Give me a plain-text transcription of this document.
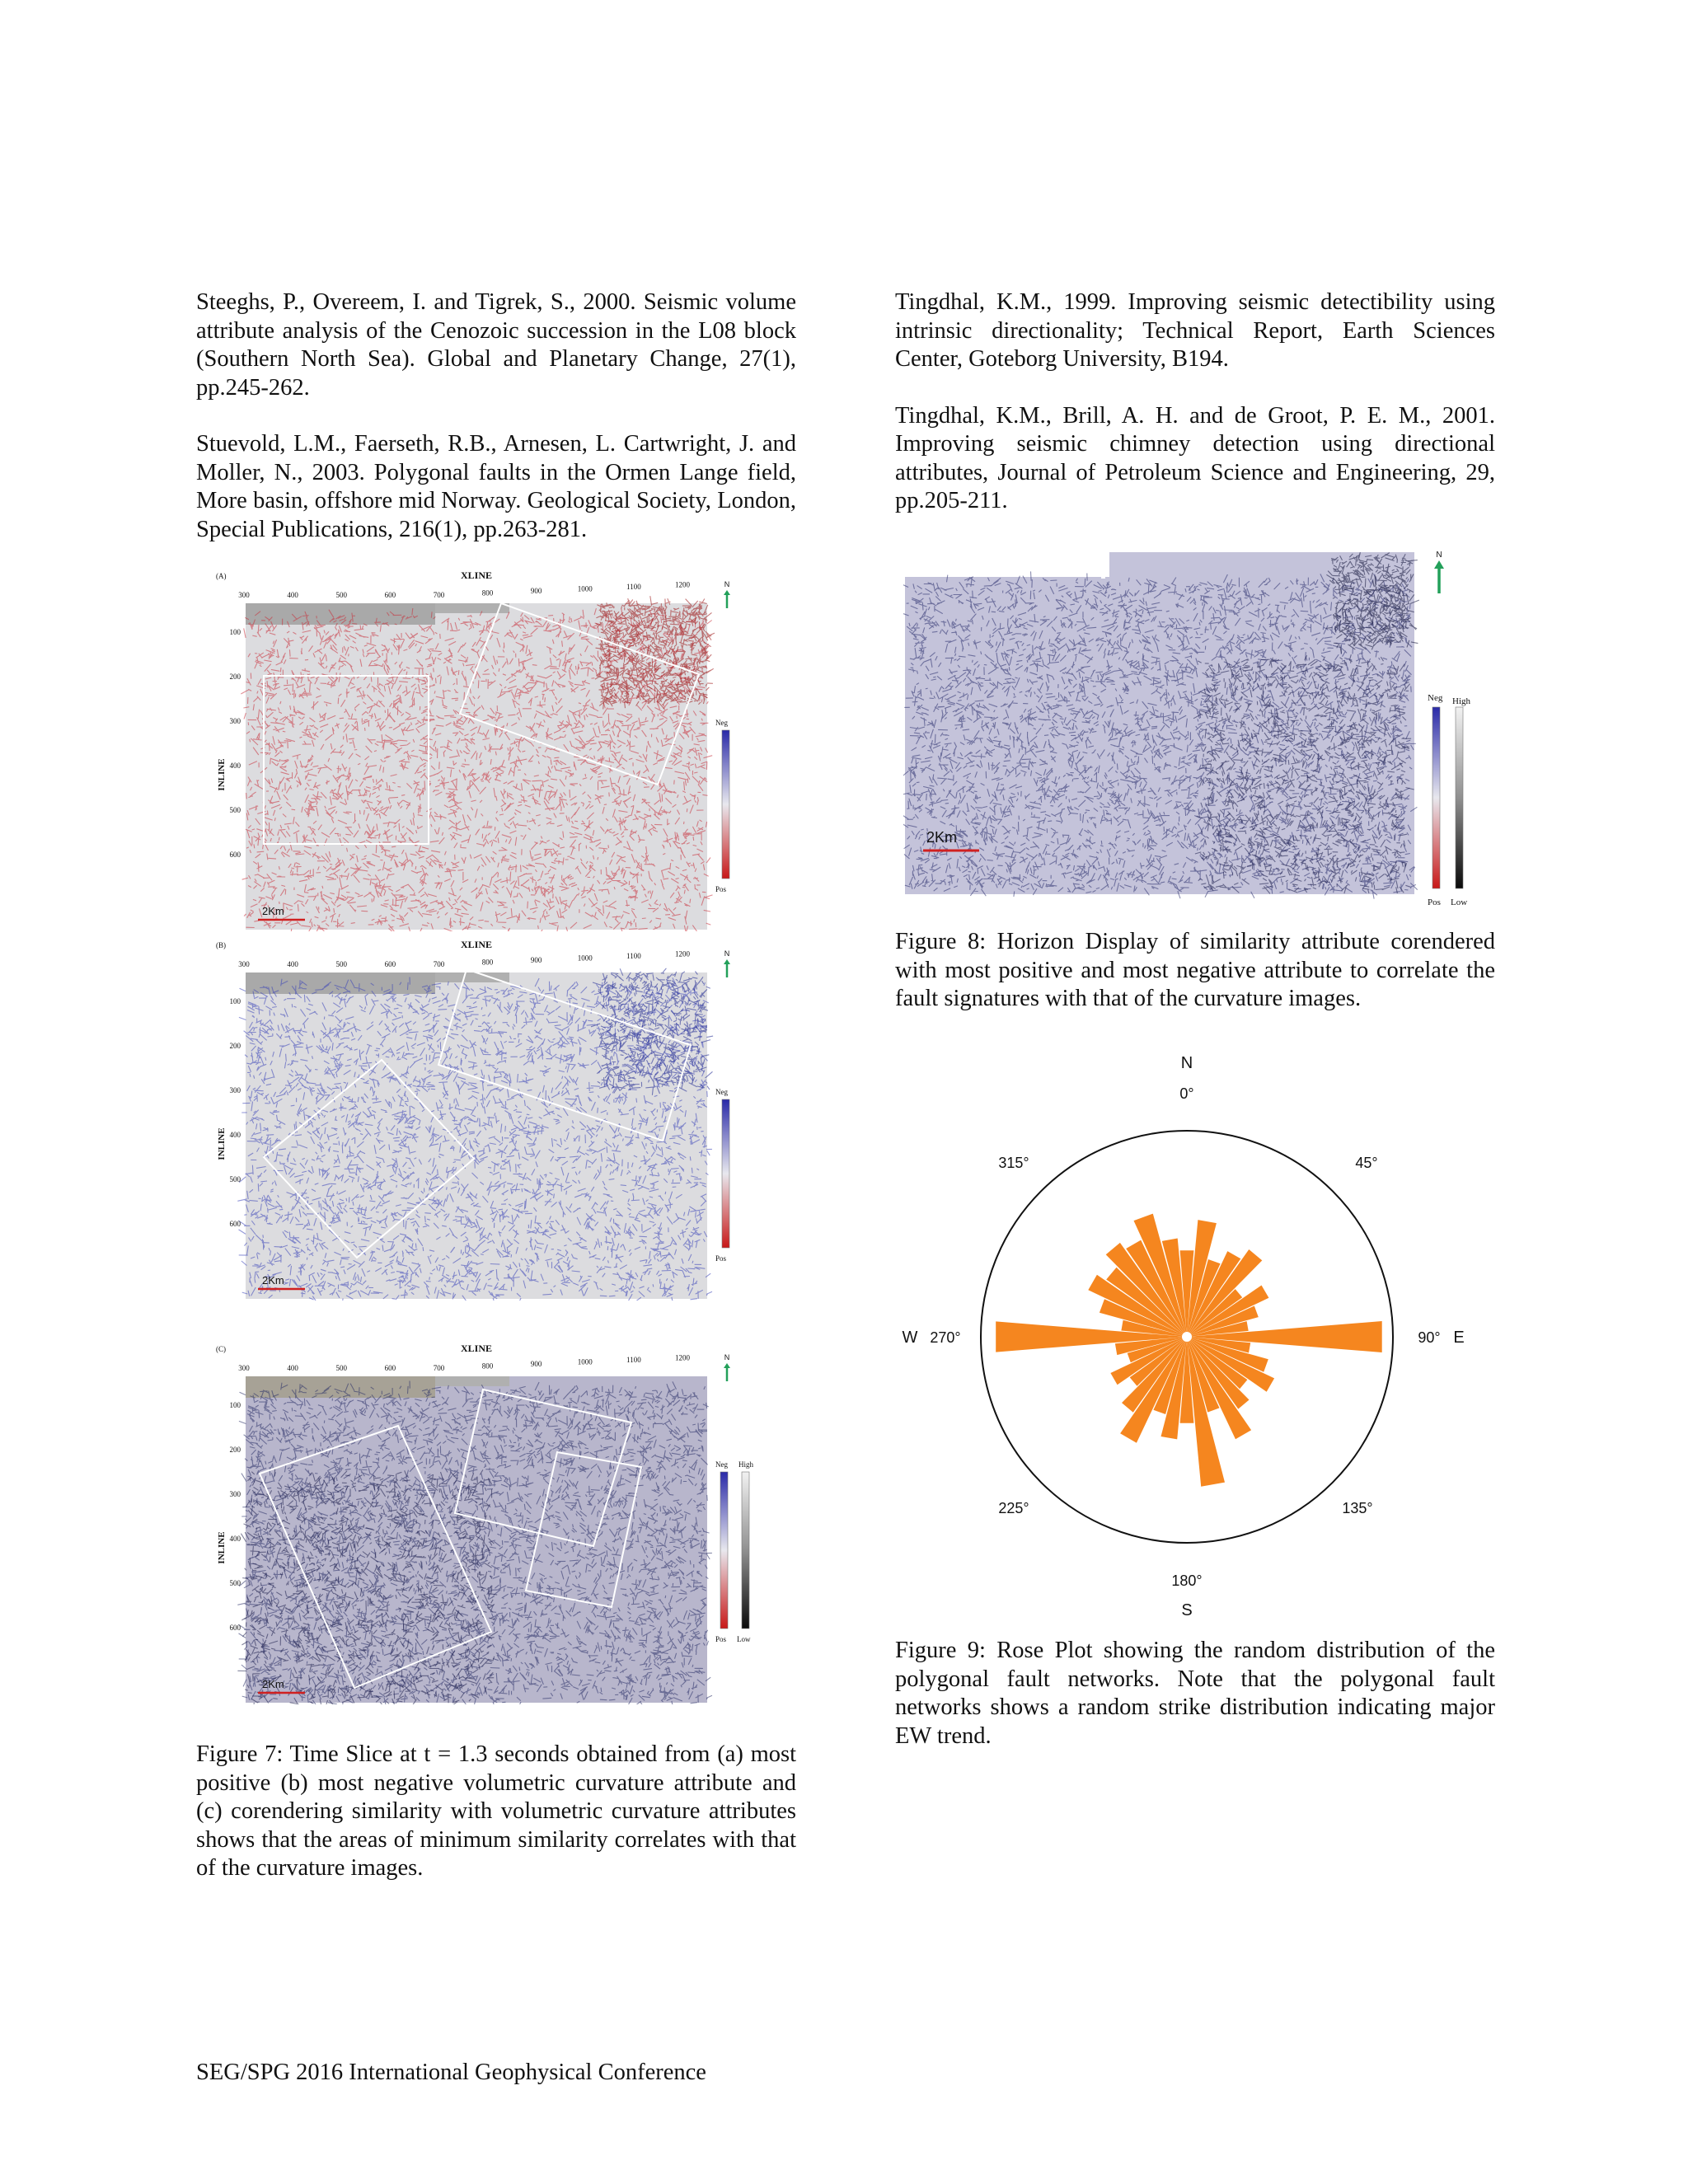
Steeghs, P., Overeem, I. and Tigrek, S., 2000. Seismic volume attribute analysis of the Cenozoic succession in the L08 block (Southern North Sea). Global and Planetary Change, 27(1), pp.245-262.

Stuevold, L.M., Faerseth, R.B., Arnesen, L. Cartwright, J. and Moller, N., 2003. Polygonal faults in the Ormen Lange field, More basin, offshore mid Norway. Geological Society, London, Special Publications, 216(1), pp.263-281.

Tingdhal, K.M., 1999. Improving seismic detectibility using intrinsic directionality; Technical Report, Earth Sciences Center, Goteborg University, B194.

Tingdhal, K.M., Brill, A. H. and de Groot, P. E. M., 2001. Improving seismic chimney detection using directional attributes, Journal of Petroleum Science and Engineering, 29, pp.205-211.

(A)	XLINE
300	400	500	600	700	800	900	1000	1100	1200
100
200
300
400
500
600
INLINE
2Km
N
Neg
Pos
(B)	XLINE
300	400	500	600	700	800	900	1000	1100	1200
100
200
300
400
500
600
INLINE
2Km
N
Neg
Pos
(C)	XLINE
300	400	500	600	700	800	900	1000	1100	1200
100
200
300
400
500
600
INLINE
2Km
N
Neg High
Pos Low

Figure 7: Time Slice at t = 1.3 seconds obtained from (a) most positive (b) most negative volumetric curvature attribute and (c) corendering similarity with volumetric curvature attributes shows that the areas of minimum similarity correlates with that of the curvature images.

2Km
N
Neg High
Pos Low

Figure 8: Horizon Display of similarity attribute corendered with most positive and most negative attribute to correlate the fault signatures with that of the curvature images.

N
0°
45°
90° E
135°
180°
S
225°
270°
W
315°

Figure 9: Rose Plot showing the random distribution of the polygonal fault networks. Note that the polygonal fault networks shows a random strike distribution indicating major EW trend.

SEG/SPG 2016 International Geophysical Conference
